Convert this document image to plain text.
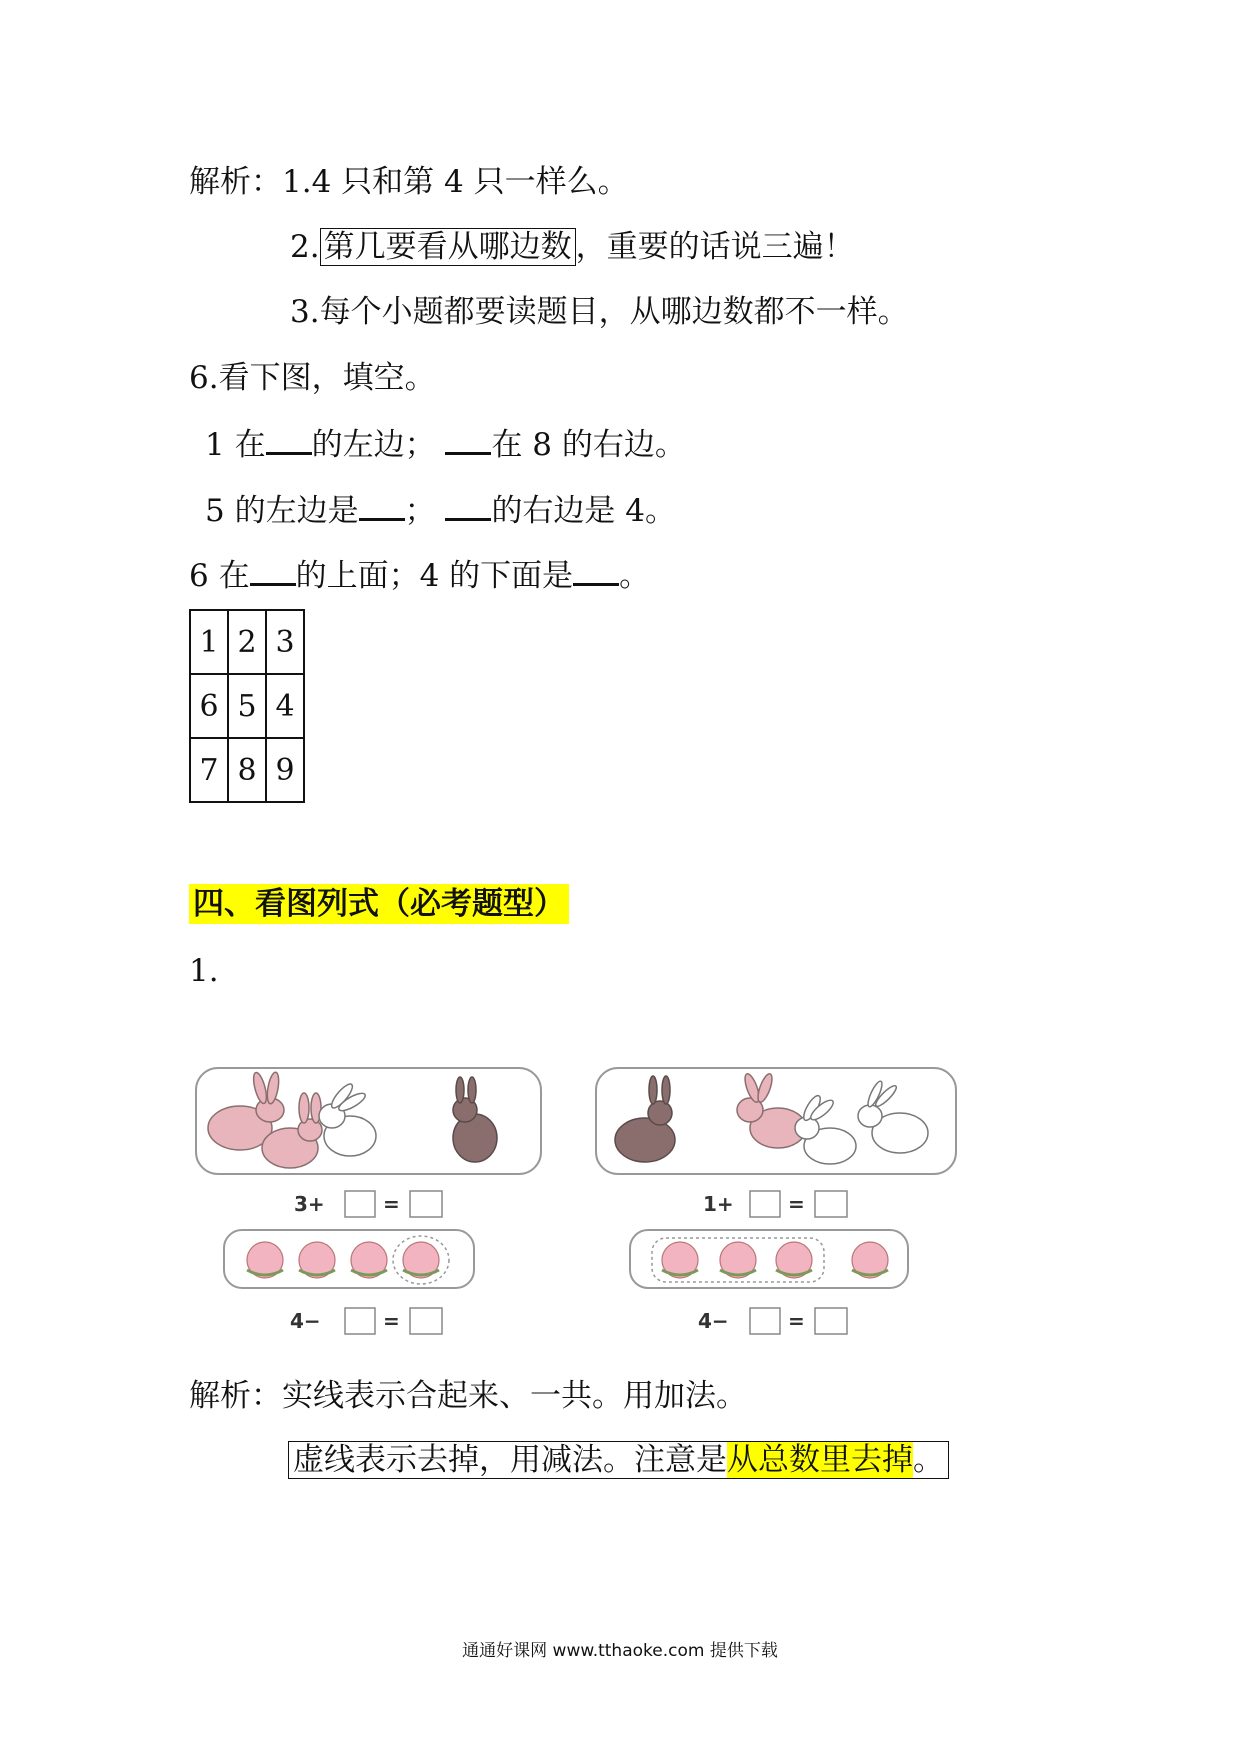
解析：1.4 只和第 4 只一样么。
2. 第几要看从哪边数 ，重要的话说三遍！
3.每个小题都要读题目，从哪边数都不一样。
6.看下图，填空。
1 在 的左边； 在 8 的右边。
5 的左边是 ； 的右边是 4。
6 在 的上面；4 的下面是 。
1	2	3
6	5	4
7	8	9
四、看图列式（必考题型）
1.
3+	=
4−	=
1+	=
4−	=
解析：实线表示合起来、一共。用加法。
虚线表示去掉，用减法。注意是从总数里去掉。
通通好课网 www.tthaoke.com 提供下载
